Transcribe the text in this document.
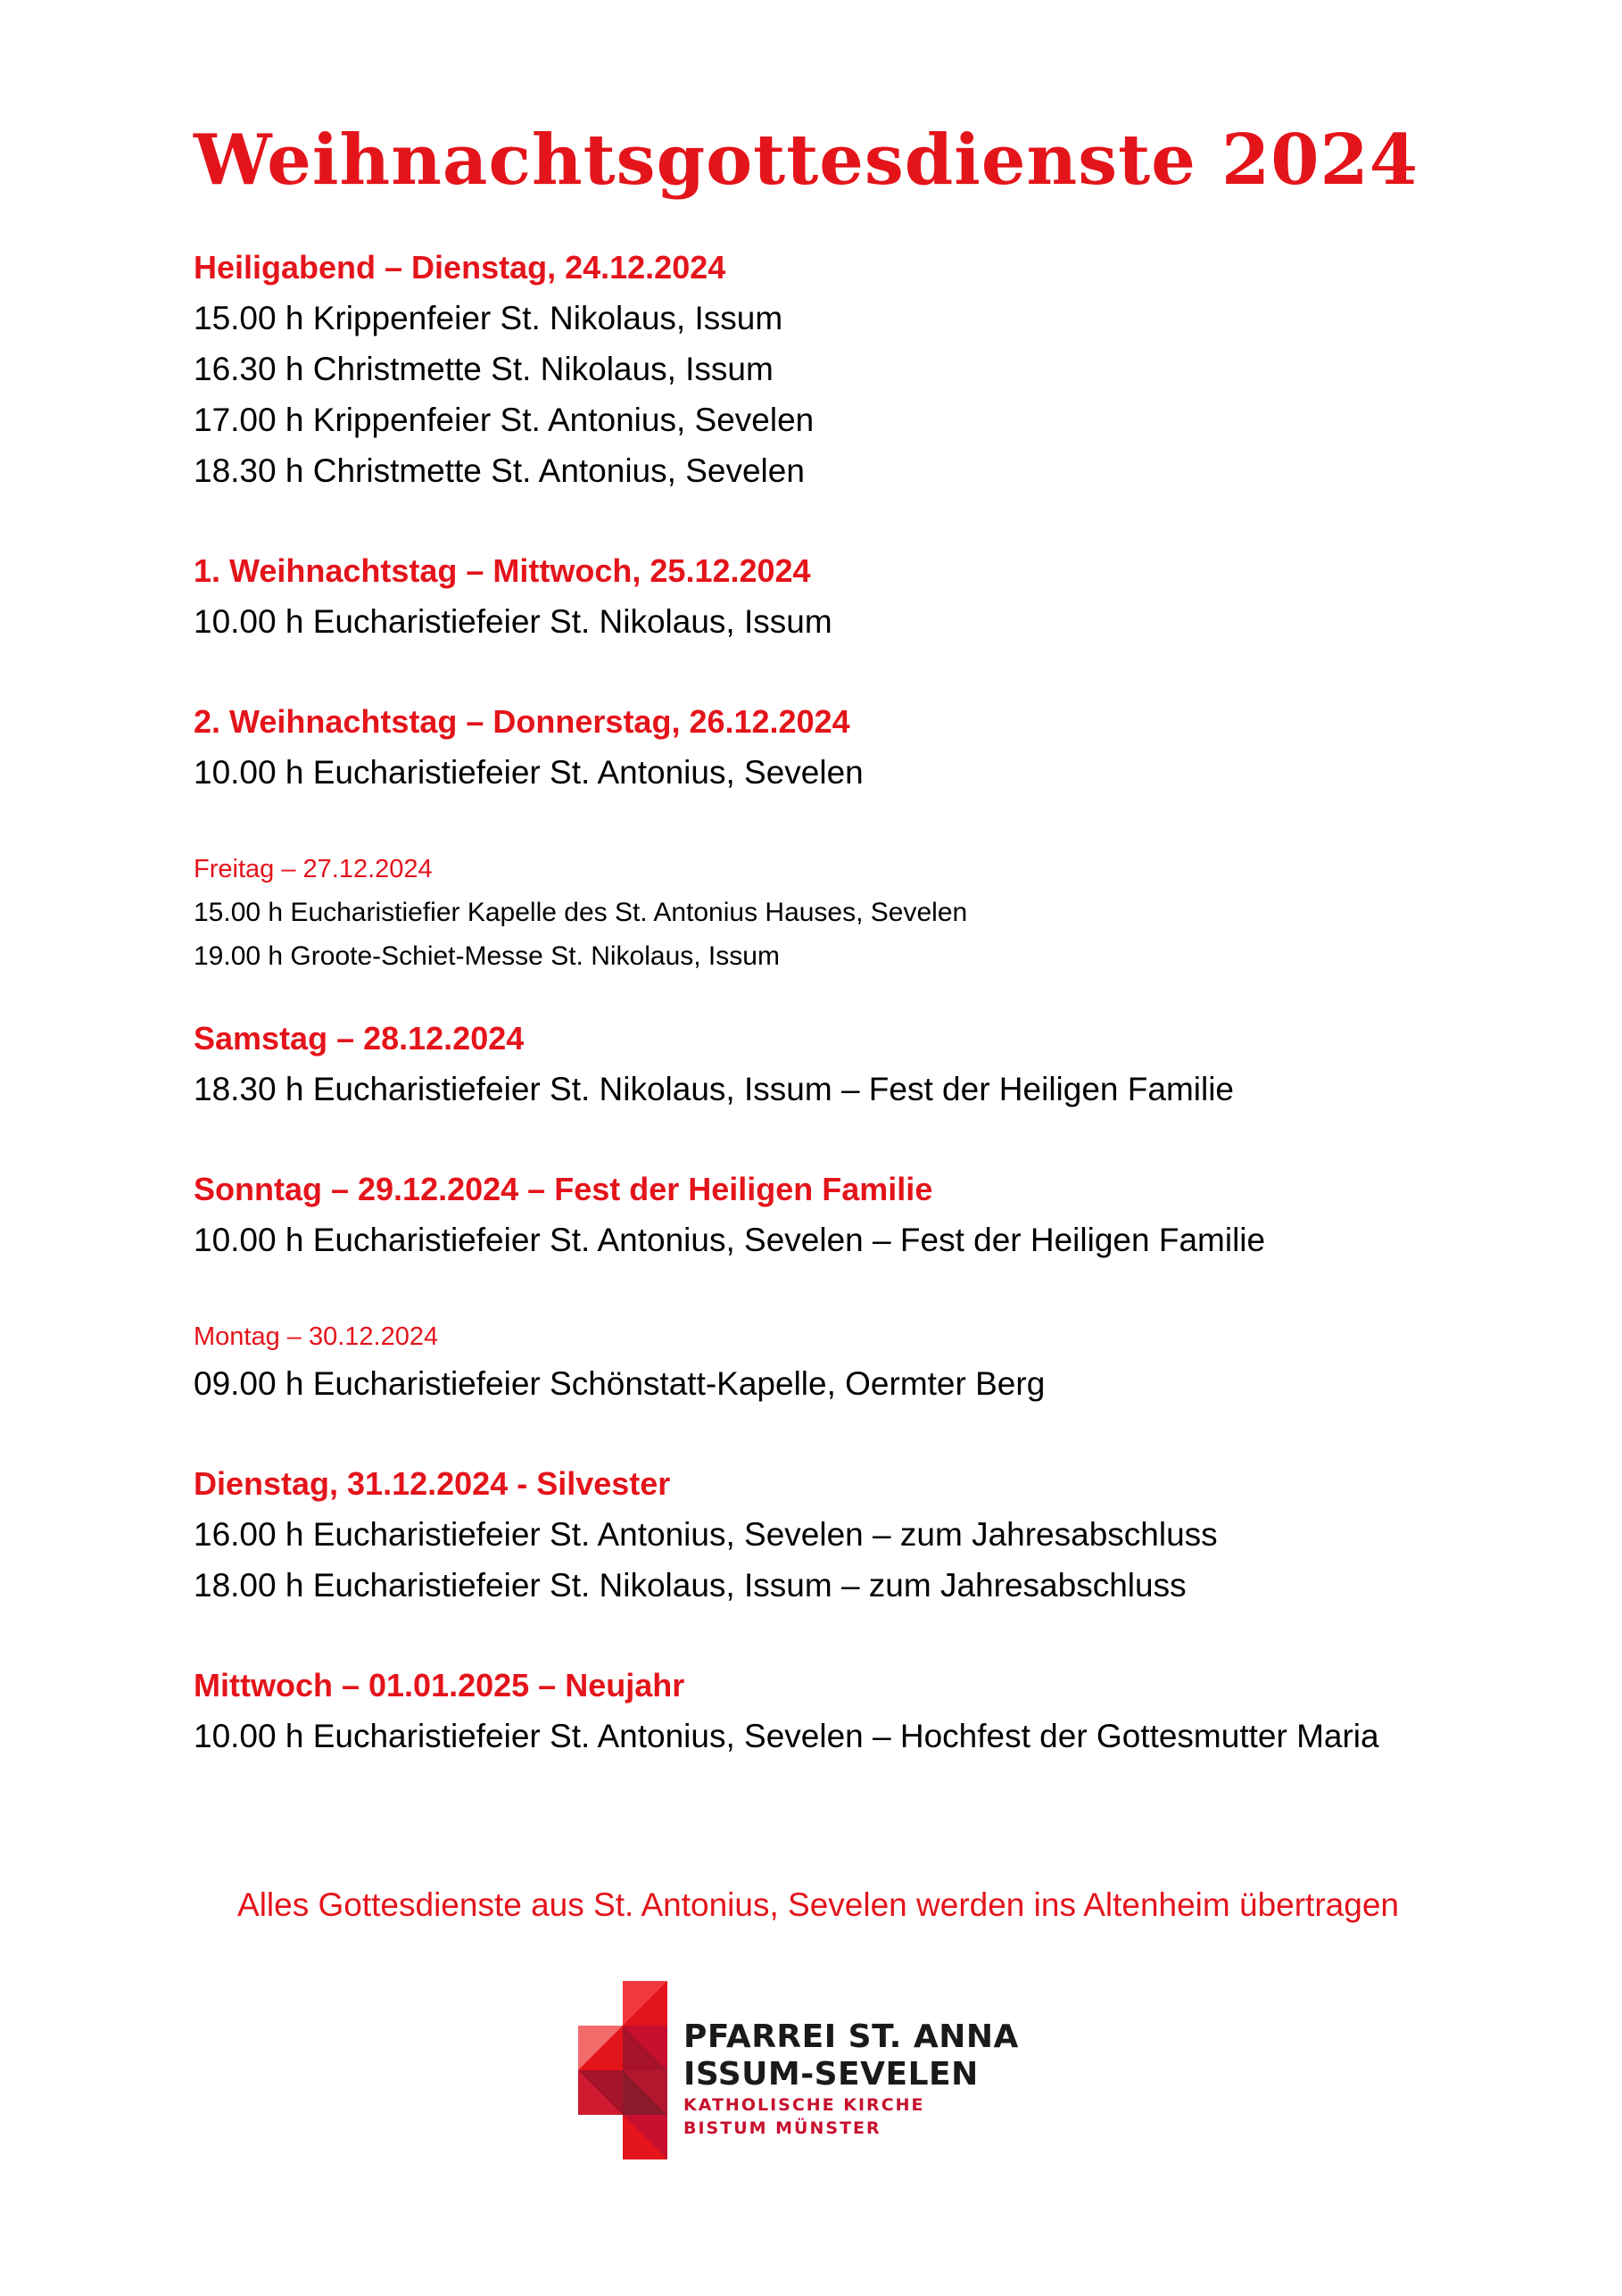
Weihnachtsgottesdienste 2024
Heiligabend – Dienstag, 24.12.2024
15.00 h Krippenfeier St. Nikolaus, Issum
16.30 h Christmette St. Nikolaus, Issum
17.00 h Krippenfeier St. Antonius, Sevelen
18.30 h Christmette St. Antonius, Sevelen
1. Weihnachtstag – Mittwoch, 25.12.2024
10.00 h Eucharistiefeier St. Nikolaus, Issum
2. Weihnachtstag – Donnerstag, 26.12.2024
10.00 h Eucharistiefeier St. Antonius, Sevelen
Freitag – 27.12.2024
15.00 h Eucharistiefier Kapelle des St. Antonius Hauses, Sevelen
19.00 h Groote-Schiet-Messe St. Nikolaus, Issum
Samstag – 28.12.2024
18.30 h Eucharistiefeier St. Nikolaus, Issum – Fest der Heiligen Familie
Sonntag – 29.12.2024 – Fest der Heiligen Familie
10.00 h Eucharistiefeier St. Antonius, Sevelen – Fest der Heiligen Familie
Montag – 30.12.2024
09.00 h Eucharistiefeier Schönstatt-Kapelle, Oermter Berg
Dienstag, 31.12.2024 - Silvester
16.00 h Eucharistiefeier St. Antonius, Sevelen – zum Jahresabschluss
18.00 h Eucharistiefeier St. Nikolaus, Issum – zum Jahresabschluss
Mittwoch – 01.01.2025 – Neujahr
10.00 h Eucharistiefeier St. Antonius, Sevelen – Hochfest der Gottesmutter Maria
Alles Gottesdienste aus St. Antonius, Sevelen werden ins Altenheim übertragen
PFARREI ST. ANNA
ISSUM-SEVELEN
KATHOLISCHE KIRCHE
BISTUM MÜNSTER
